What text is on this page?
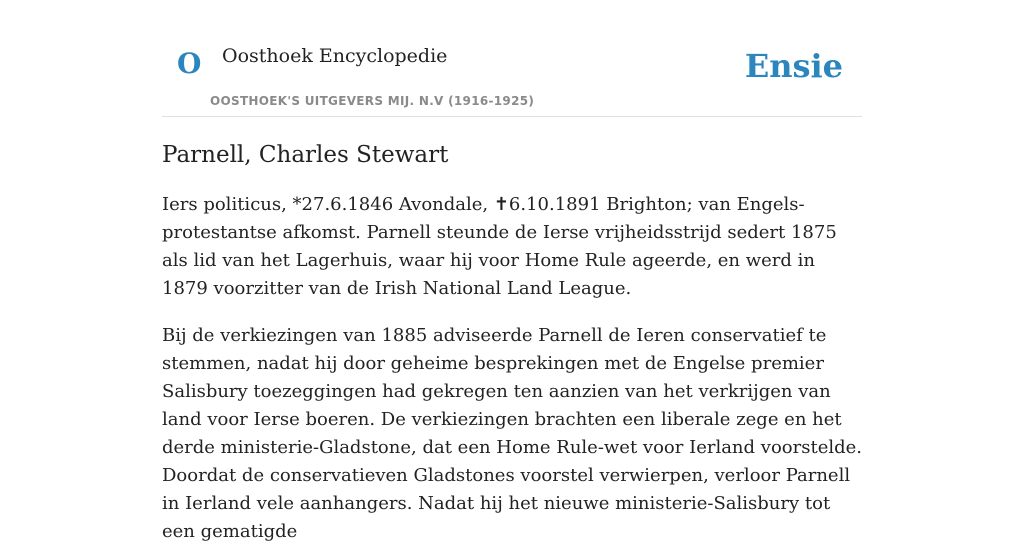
O Oosthoek Encyclopedie
OOSTHOEK'S UITGEVERS MIJ. N.V (1916-1925)
Ensie
Parnell, Charles Stewart

Iers politicus, *27.6.1846 Avondale, ✝6.10.1891 Brighton; van Engels-protestantse afkomst. Parnell steunde de Ierse vrijheidsstrijd sedert 1875 als lid van het Lagerhuis, waar hij voor Home Rule ageerde, en werd in 1879 voorzitter van de Irish National Land League.

Bij de verkiezingen van 1885 adviseerde Parnell de Ieren conservatief te stemmen, nadat hij door geheime besprekingen met de Engelse premier Salisbury toezeggingen had gekregen ten aanzien van het verkrijgen van land voor Ierse boeren. De verkiezingen brachten een liberale zege en het derde ministerie-Gladstone, dat een Home Rule-wet voor Ierland voorstelde. Doordat de conservatieven Gladstones voorstel verwierpen, verloor Parnell in Ierland vele aanhangers. Nadat hij het nieuwe ministerie-Salisbury tot een gematigde
